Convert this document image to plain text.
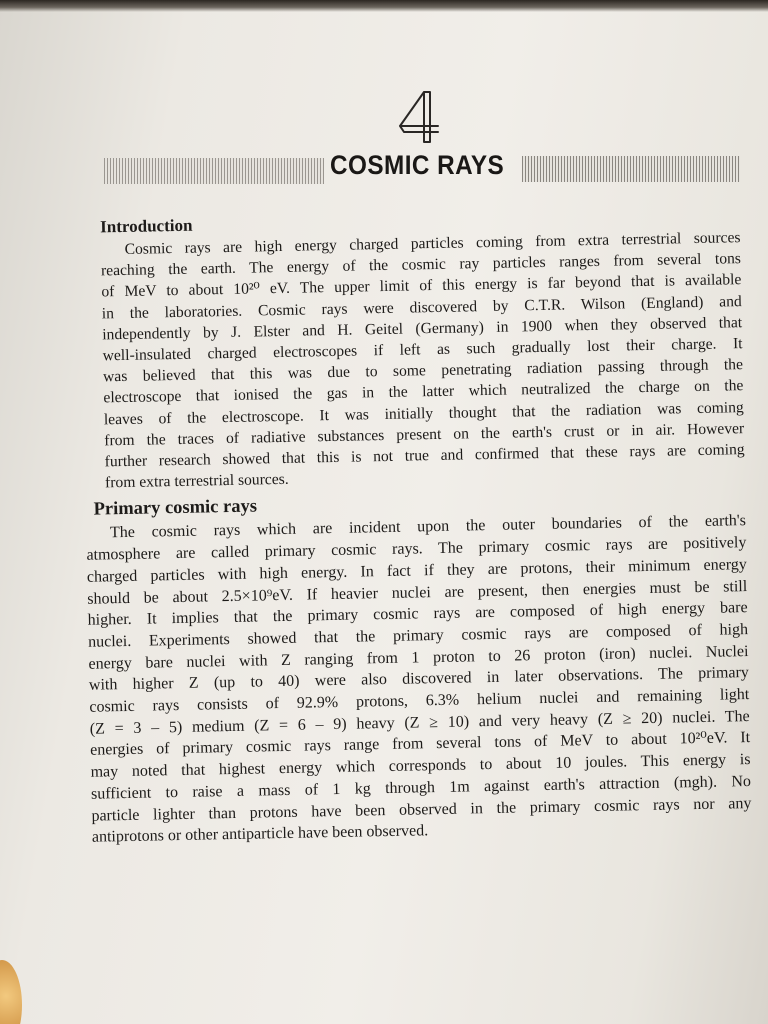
4
COSMIC RAYS
Introduction
Cosmic rays are high energy charged particles coming from extra terrestrial sources
reaching the earth. The energy of the cosmic ray particles ranges from several tons
of MeV to about 10²⁰ eV. The upper limit of this energy is far beyond that is available
in the laboratories. Cosmic rays were discovered by C.T.R. Wilson (England) and
independently by J. Elster and H. Geitel (Germany) in 1900 when they observed that
well-insulated charged electroscopes if left as such gradually lost their charge. It
was believed that this was due to some penetrating radiation passing through the
electroscope that ionised the gas in the latter which neutralized the charge on the
leaves of the electroscope. It was initially thought that the radiation was coming
from the traces of radiative substances present on the earth's crust or in air. However
further research showed that this is not true and confirmed that these rays are coming
from extra terrestrial sources.
Primary cosmic rays
The cosmic rays which are incident upon the outer boundaries of the earth's
atmosphere are called primary cosmic rays. The primary cosmic rays are positively
charged particles with high energy. In fact if they are protons, their minimum energy
should be about 2.5×10⁹eV. If heavier nuclei are present, then energies must be still
higher. It implies that the primary cosmic rays are composed of high energy bare
nuclei. Experiments showed that the primary cosmic rays are composed of high
energy bare nuclei with Z ranging from 1 proton to 26 proton (iron) nuclei. Nuclei
with higher Z (up to 40) were also discovered in later observations. The primary
cosmic rays consists of 92.9% protons, 6.3% helium nuclei and remaining light
(Z = 3 – 5) medium (Z = 6 – 9) heavy (Z ≥ 10) and very heavy (Z ≥ 20) nuclei. The
energies of primary cosmic rays range from several tons of MeV to about 10²⁰eV. It
may noted that highest energy which corresponds to about 10 joules. This energy is
sufficient to raise a mass of 1 kg through 1m against earth's attraction (mgh). No
particle lighter than protons have been observed in the primary cosmic rays nor any
antiprotons or other antiparticle have been observed.
